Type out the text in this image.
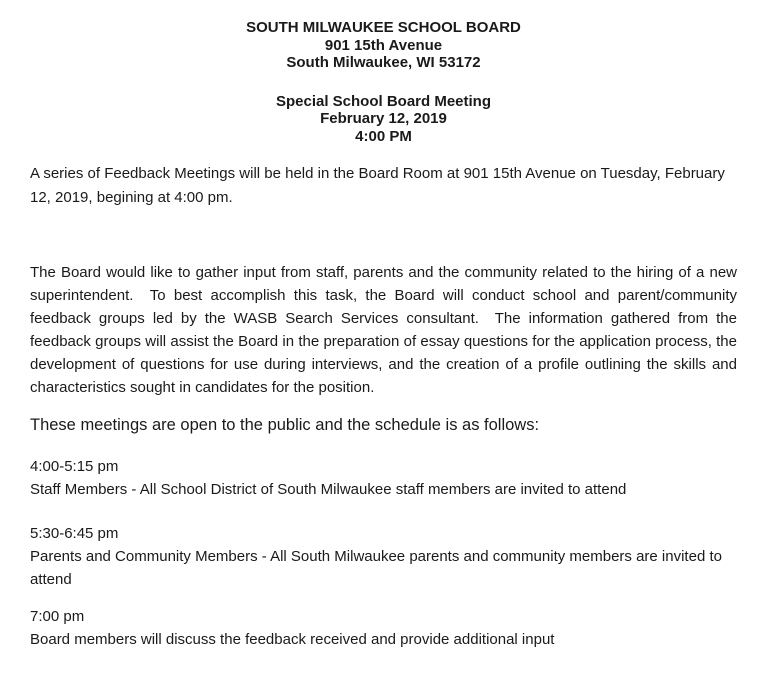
SOUTH MILWAUKEE SCHOOL BOARD
901 15th Avenue
South Milwaukee, WI 53172
Special School Board Meeting
February 12, 2019
4:00 PM

A series of Feedback Meetings will be held in the Board Room at 901 15th Avenue on Tuesday, February 12, 2019, begining at 4:00 pm.

The Board would like to gather input from staff, parents and the community related to the hiring of a new superintendent.  To best accomplish this task, the Board will conduct school and parent/community feedback groups led by the WASB Search Services consultant.  The information gathered from the feedback groups will assist the Board in the preparation of essay questions for the application process, the development of questions for use during interviews, and the creation of a profile outlining the skills and characteristics sought in candidates for the position.

These meetings are open to the public and the schedule is as follows:

4:00-5:15 pm
Staff Members - All School District of South Milwaukee staff members are invited to attend
5:30-6:45 pm
Parents and Community Members - All South Milwaukee parents and community members are invited to attend
7:00 pm
Board members will discuss the feedback received and provide additional input
